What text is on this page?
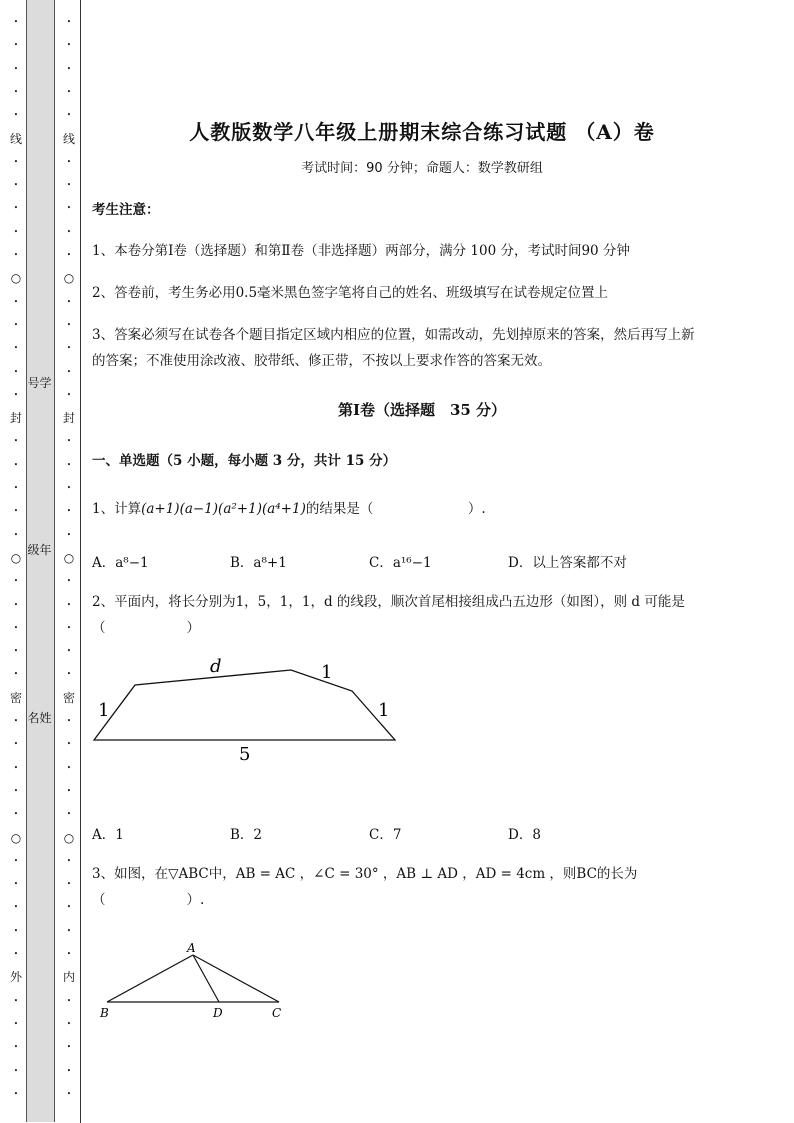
•
•
•
•
•
线
•
•
•
•
•
○
•
•
•
•
•
封
•
•
•
•
•
○
•
•
•
•
•
密
•
•
•
•
•
○
•
•
•
•
•
外
•
•
•
•
•
•
•
•
•
•
线
•
•
•
•
•
○
•
•
•
•
•
封
•
•
•
•
•
○
•
•
•
•
•
密
•
•
•
•
•
○
•
•
•
•
•
内
•
•
•
•
•
号学
级年
名姓
人教版数学八年级上册期末综合练习试题 （A）卷
考试时间：90 分钟；命题人：数学教研组
考生注意：
1、本卷分第Ⅰ卷（选择题）和第Ⅱ卷（非选择题）两部分，满分 100 分，考试时间90 分钟
2、答卷前，考生务必用0.5毫米黑色签字笔将自己的姓名、班级填写在试卷规定位置上
3、答案必须写在试卷各个题目指定区域内相应的位置，如需改动，先划掉原来的答案，然后再写上新
的答案；不准使用涂改液、胶带纸、修正带，不按以上要求作答的答案无效。
第Ⅰ卷（选择题　35 分）
一、单选题（5 小题，每小题 3 分，共计 15 分）
1、计算(a+1)(a−1)(a²+1)(a⁴+1)的结果是（　　　　　　　）.
A．a⁸−1	B．a⁸+1	C．a¹⁶−1	D．以上答案都不对
2、平面内，将长分别为1，5，1，1，d 的线段，顺次首尾相接组成凸五边形（如图），则 d 可能是
（　　　　　　）
d	1
1	1
5
A．1	B．2	C．7	D．8
3、如图，在▽ABC中，AB = AC ，∠C = 30° ，AB ⊥ AD ，AD = 4cm ，则BC的长为
（　　　　　　）.
A
B	D	C
